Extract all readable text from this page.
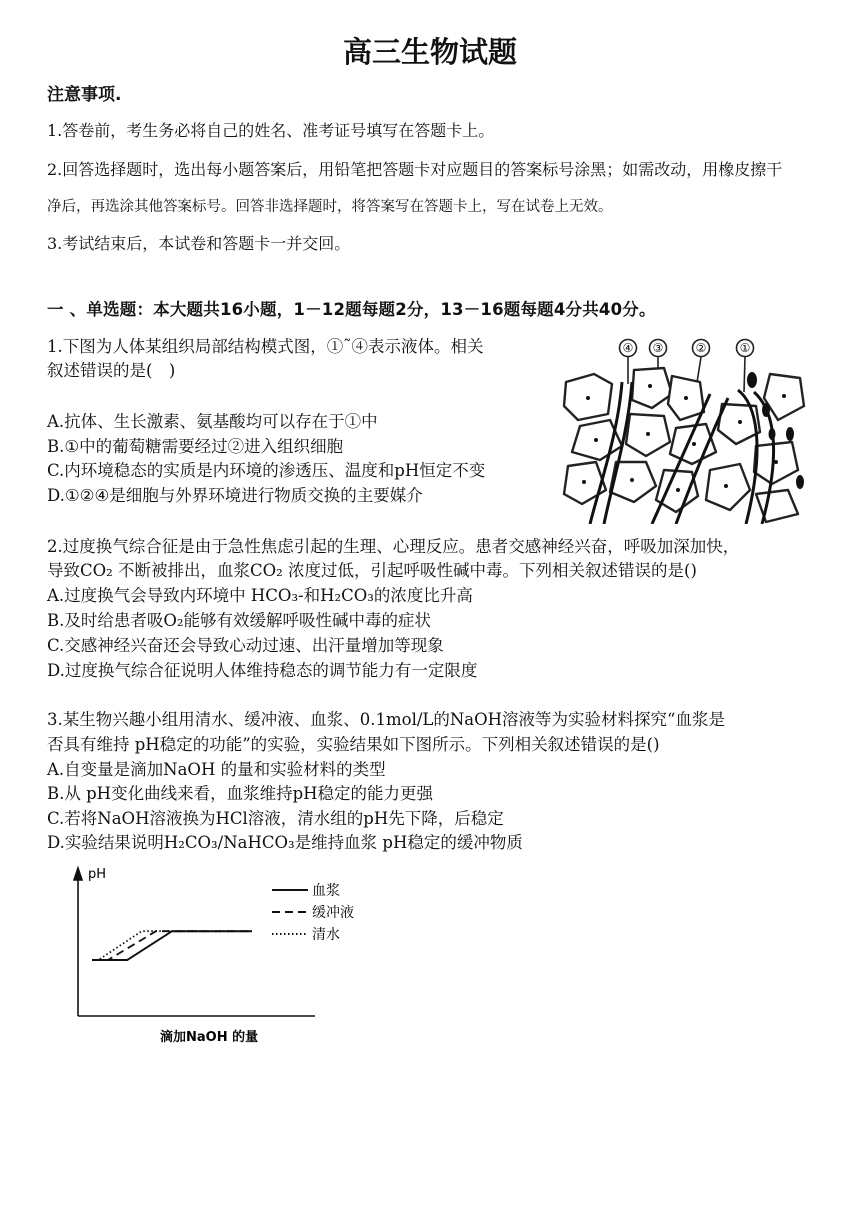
高三生物试题
注意事项.
1.答卷前，考生务必将自己的姓名、准考证号填写在答题卡上。
2.回答选择题时，选出每小题答案后，用铅笔把答题卡对应题目的答案标号涂黑；如需改动，用橡皮擦干
净后，再选涂其他答案标号。回答非选择题时，将答案写在答题卡上，写在试卷上无效。
3.考试结束后，本试卷和答题卡一并交回。
一 、单选题：本大题共16小题，1－12题每题2分，13－16题每题4分共40分。
1.下图为人体某组织局部结构模式图，①˜④表示液体。相关
叙述错误的是(　)
A.抗体、生长激素、氨基酸均可以存在于①中
B.①中的葡萄糖需要经过②进入组织细胞
C.内环境稳态的实质是内环境的渗透压、温度和pH恒定不变
D.①②④是细胞与外界环境进行物质交换的主要媒介
④ ③	②	①
2.过度换气综合征是由于急性焦虑引起的生理、心理反应。患者交感神经兴奋，呼吸加深加快，
导致CO₂ 不断被排出，血浆CO₂ 浓度过低，引起呼吸性碱中毒。下列相关叙述错误的是()
A.过度换气会导致内环境中 HCO₃-和H₂CO₃的浓度比升高
B.及时给患者吸O₂能够有效缓解呼吸性碱中毒的症状
C.交感神经兴奋还会导致心动过速、出汗量增加等现象
D.过度换气综合征说明人体维持稳态的调节能力有一定限度
3.某生物兴趣小组用清水、缓冲液、血浆、0.1mol/L的NaOH溶液等为实验材料探究“血浆是
否具有维持 pH稳定的功能”的实验，实验结果如下图所示。下列相关叙述错误的是()
A.自变量是滴加NaOH 的量和实验材料的类型
B.从 pH变化曲线来看，血浆维持pH稳定的能力更强
C.若将NaOH溶液换为HCl溶液，清水组的pH先下降，后稳定
D.实验结果说明H₂CO₃/NaHCO₃是维持血浆 pH稳定的缓冲物质
pH
滴加NaOH 的量
血浆
缓冲液
清水
